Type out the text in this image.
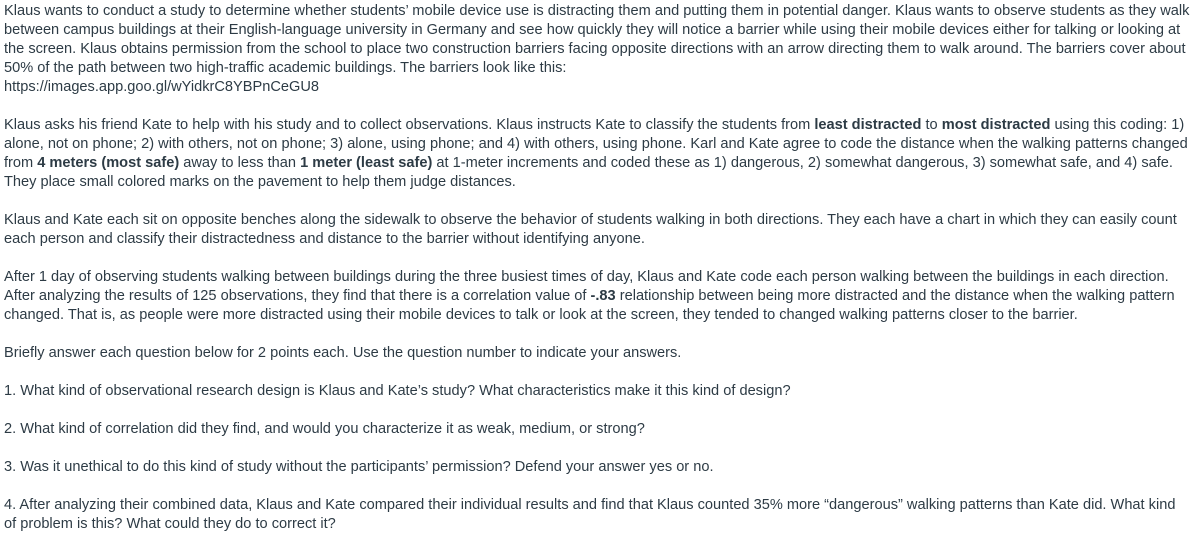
Klaus wants to conduct a study to determine whether students’ mobile device use is distracting them and putting them in potential danger. Klaus wants to observe students as they walk between campus buildings at their English-language university in Germany and see how quickly they will notice a barrier while using their mobile devices either for talking or looking at the screen. Klaus obtains permission from the school to place two construction barriers facing opposite directions with an arrow directing them to walk around. The barriers cover about 50% of the path between two high-traffic academic buildings. The barriers look like this:
https://images.app.goo.gl/wYidkrC8YBPnCeGU8

Klaus asks his friend Kate to help with his study and to collect observations. Klaus instructs Kate to classify the students from least distracted to most distracted using this coding: 1) alone, not on phone; 2) with others, not on phone; 3) alone, using phone; and 4) with others, using phone. Karl and Kate agree to code the distance when the walking patterns changed from 4 meters (most safe) away to less than 1 meter (least safe) at 1-meter increments and coded these as 1) dangerous, 2) somewhat dangerous, 3) somewhat safe, and 4) safe. They place small colored marks on the pavement to help them judge distances.

Klaus and Kate each sit on opposite benches along the sidewalk to observe the behavior of students walking in both directions. They each have a chart in which they can easily count each person and classify their distractedness and distance to the barrier without identifying anyone.

After 1 day of observing students walking between buildings during the three busiest times of day, Klaus and Kate code each person walking between the buildings in each direction. After analyzing the results of 125 observations, they find that there is a correlation value of -.83 relationship between being more distracted and the distance when the walking pattern changed. That is, as people were more distracted using their mobile devices to talk or look at the screen, they tended to changed walking patterns closer to the barrier.

Briefly answer each question below for 2 points each. Use the question number to indicate your answers.

1. What kind of observational research design is Klaus and Kate’s study? What characteristics make it this kind of design?

2. What kind of correlation did they find, and would you characterize it as weak, medium, or strong?

3. Was it unethical to do this kind of study without the participants’ permission? Defend your answer yes or no.

4. After analyzing their combined data, Klaus and Kate compared their individual results and find that Klaus counted 35% more “dangerous” walking patterns than Kate did. What kind of problem is this? What could they do to correct it?
